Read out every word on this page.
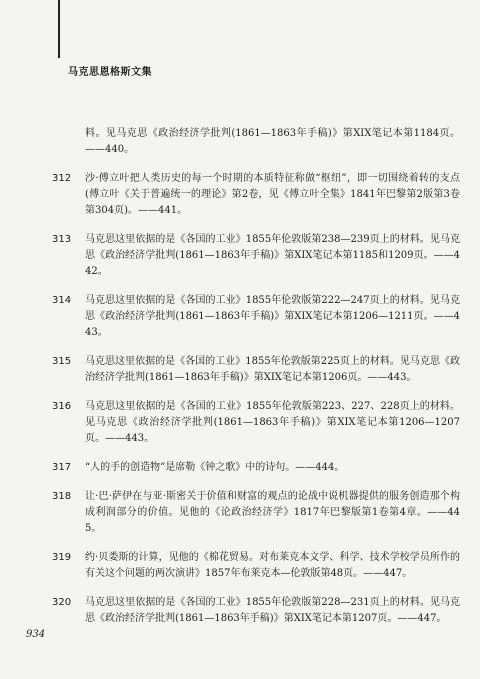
马克思恩格斯文集
料。见马克思《政治经济学批判(1861—1863年手稿)》第XIX笔记本第1184页。——440。
312	沙·傅立叶把人类历史的每一个时期的本质特征称做“枢纽”，即一切围绕着转的支点(傅立叶《关于普遍统一的理论》第2卷，见《傅立叶全集》1841年巴黎第2版第3卷第304页)。——441。
313	马克思这里依据的是《各国的工业》1855年伦敦版第238—239页上的材料。见马克思《政治经济学批判(1861—1863年手稿)》第XIX笔记本第1185和1209页。——442。
314	马克思这里依据的是《各国的工业》1855年伦敦版第222—247页上的材料。见马克思《政治经济学批判(1861—1863年手稿)》第XIX笔记本第1206—1211页。——443。
315	马克思这里依据的是《各国的工业》1855年伦敦版第225页上的材料。见马克思《政治经济学批判(1861—1863年手稿)》第XIX笔记本第1206页。——443。
316	马克思这里依据的是《各国的工业》1855年伦敦版第223、227、228页上的材料。见马克思《政治经济学批判(1861—1863年手稿)》第XIX笔记本第1206—1207页。——443。
317	“人的手的创造物”是席勒《钟之歌》中的诗句。——444。
318	让·巴·萨伊在与亚·斯密关于价值和财富的观点的论战中说机器提供的服务创造那个构成利润部分的价值。见他的《论政治经济学》1817年巴黎版第1卷第4章。——445。
319	约·贝娄斯的计算，见他的《棉花贸易。对布莱克本文学、科学、技术学校学员所作的有关这个问题的两次演讲》1857年布莱克本—伦敦版第48页。——447。
320	马克思这里依据的是《各国的工业》1855年伦敦版第228—231页上的材料。见马克思《政治经济学批判(1861—1863年手稿)》第XIX笔记本第1207页。——447。
934
